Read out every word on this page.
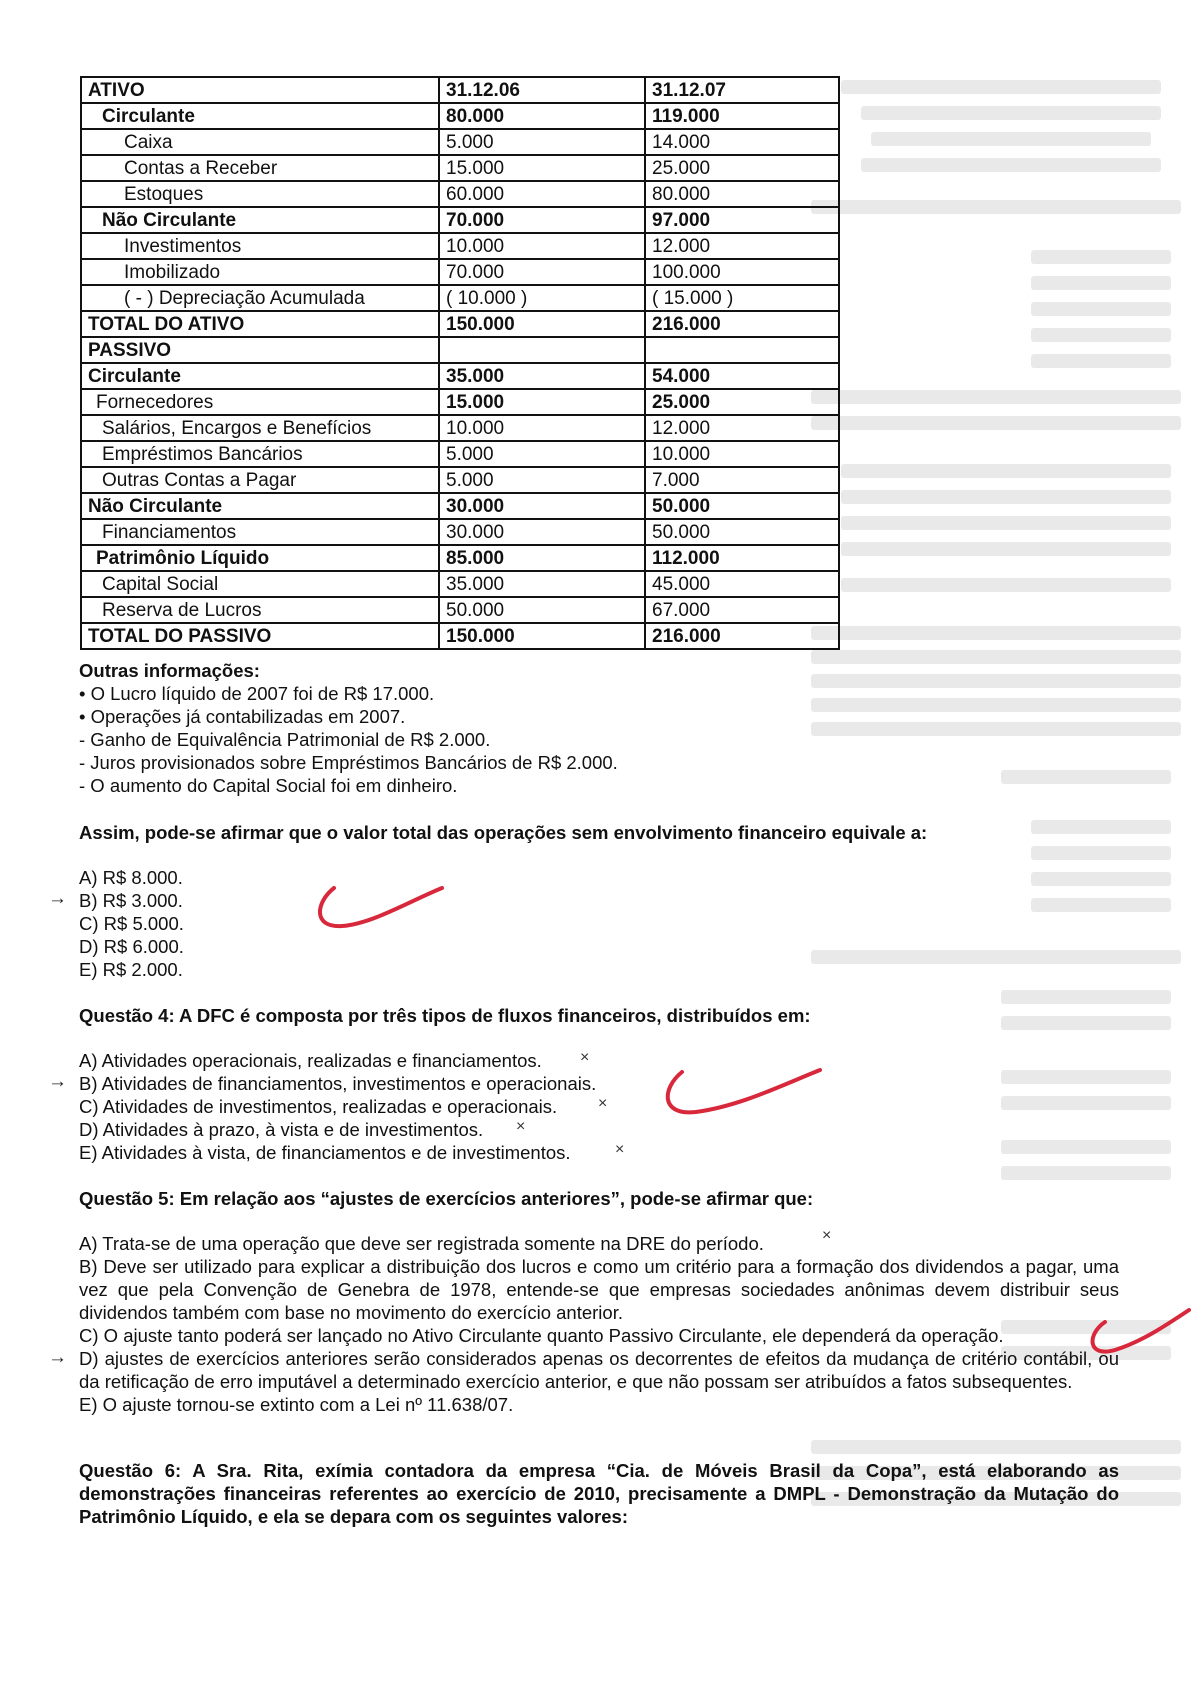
ATIVO	31.12.06	31.12.07
Circulante	80.000	119.000
Caixa	5.000	14.000
Contas a Receber	15.000	25.000
Estoques	60.000	80.000
Não Circulante	70.000	97.000
Investimentos	10.000	12.000
Imobilizado	70.000	100.000
( - ) Depreciação Acumulada	( 10.000 )	( 15.000 )
TOTAL DO ATIVO	150.000	216.000
PASSIVO		
Circulante	35.000	54.000
Fornecedores	15.000	25.000
Salários, Encargos e Benefícios	10.000	12.000
Empréstimos Bancários	5.000	10.000
Outras Contas a Pagar	5.000	7.000
Não Circulante	30.000	50.000
Financiamentos	30.000	50.000
Patrimônio Líquido	85.000	112.000
Capital Social	35.000	45.000
Reserva de Lucros	50.000	67.000
TOTAL DO PASSIVO	150.000	216.000

Outras informações:

• O Lucro líquido de 2007 foi de R$ 17.000.

• Operações já contabilizadas em 2007.

- Ganho de Equivalência Patrimonial de R$ 2.000.

- Juros provisionados sobre Empréstimos Bancários de R$ 2.000.

- O aumento do Capital Social foi em dinheiro.

Assim, pode-se afirmar que o valor total das operações sem envolvimento financeiro equivale a:

A) R$ 8.000.

B) R$ 3.000.

C) R$ 5.000.

D) R$ 6.000.

E) R$ 2.000.

→

Questão 4: A DFC é composta por três tipos de fluxos financeiros, distribuídos em:

A) Atividades operacionais, realizadas e financiamentos.

B) Atividades de financiamentos, investimentos e operacionais.

C) Atividades de investimentos, realizadas e operacionais.

D) Atividades à prazo, à vista e de investimentos.

E) Atividades à vista, de financiamentos e de investimentos.

→
×
×
×
×

Questão 5: Em relação aos “ajustes de exercícios anteriores”, pode-se afirmar que:

A) Trata-se de uma operação que deve ser registrada somente na DRE do período.

B) Deve ser utilizado para explicar a distribuição dos lucros e como um critério para a formação dos dividendos a pagar, uma vez que pela Convenção de Genebra de 1978, entende-se que empresas sociedades anônimas devem distribuir seus dividendos também com base no movimento do exercício anterior.

C) O ajuste tanto poderá ser lançado no Ativo Circulante quanto Passivo Circulante, ele dependerá da operação.

D) ajustes de exercícios anteriores serão considerados apenas os decorrentes de efeitos da mudança de critério contábil, ou da retificação de erro imputável a determinado exercício anterior, e que não possam ser atribuídos a fatos subsequentes.

E) O ajuste tornou-se extinto com a Lei nº 11.638/07.

→
×

Questão 6: A Sra. Rita, exímia contadora da empresa “Cia. de Móveis Brasil da Copa”, está elaborando as demonstrações financeiras referentes ao exercício de 2010, precisamente a DMPL - Demonstração da Mutação do Patrimônio Líquido, e ela se depara com os seguintes valores:
